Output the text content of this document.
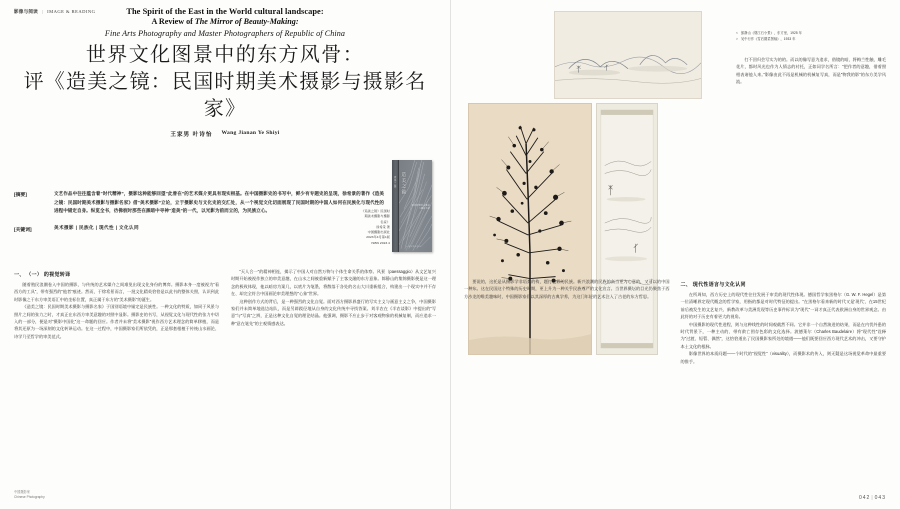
影像与阅读 | IMAGE & READING	The Spirit of the East in the World cultural landscape:
A Review of The Mirror of Beauty-Making:
Fine Arts Photography and Master Photographers of Republic of China
世界文化图景中的东方风骨：
评《造美之镜：民国时期美术摄影与摄影名家》
王家男 叶诗怡 Wang Jianan Ye Shiyi
[摘要]	文艺作品中往往蕴含着“时代精神”，摄影这种能够回望“此曾在”的艺术媒介更具有现实根基。在中国摄影史的书写中，鲜少有专题史的呈现，徐希景的著作《造美之镜：民国时期美术摄影与摄影名家》借“美术摄影”立论，立于摄影史与文化史的交汇处，从一个视觉文化切面展现了民国时期的中国人如何在民族化与现代性的进程中锚定自身。纵览全书，彷佛彼时那些在黑暗中寻神“造美”的一代，以光影为前而立的，为民族立心。
[关键词]	美术摄影 | 民族化 | 现代性 | 文化认同
造美之镜 造美之镜
民国时期美术摄影与摄影名家
中国摄影出版社
《造美之镜》民国时
期美术摄影与摄影
名家》
徐希景 著
中国摄影出版社
2023年4月第1版
ISBN 2023.4
一、 （一） 的视觉转译
随着殖民浪潮卷入中国的摄影，与传统的艺术媒介之间难免出现文化身份的博弈。摄影本身一度被视为“看西方的工具”，带有强烈的“他者”痕迹。然而，于徐希景而言，一批文化精英恰恰是以此书的整体关照，认识到此时影像之于东方审美语汇中的坐标位置，真正属于东方的“美术摄影”的诞生。
《造美之镜：民国时期美术摄影与摄影名家》于国别语境中锚定是民族性。一种文化的特质，如同于风景与照片之间的张力之时，才真正在东西方审美意趣的对照中显影。摄影史的书写，从视觉文化与现代性的张力中切入的一部分，便是对“摄影中国化”这一命题的回应。作者并未将“美术摄影”视作西方艺术理念的简单移植，而是将其还原为一场深刻的文化转译运动。在这一过程中，中国摄影家们所依凭的，正是那套根植于传统山水画论、诗学乃至哲学的审美范式。
“天人合一”的精神相连，揭示了中国人对自然万物与个体生命关系的体察。风景（paessaggio）从文艺复兴时期开始被视作独立的审美意趣，在山水之间被重新赋予了主客交融的东方意象。郎静山的集锦摄影便是这一理念的极致体现，他以暗房为案几，以底片为笔墨，将散落于各处的名山大川重新组合，构建出一个现实中并不存在、却完全符合中国画论审美理想的“心象”世界。
这种创作方式的背后，是一种强烈的文化自觉。面对西方摄影界盛行的写实主义与画意主义之争，中国摄影家们并未简单地选边站队，而是另辟蹊径地从自身的文化传统中寻找答案。刘半农在《半农谈影》中提出的“写意”与“写真”之辨，正是这种文化自觉的理论结晶。他强调，摄影不应止步于对客观物象的机械复制，而应追求一种“意在笔先”的主观情感表达。
中国摄影家
Chinese Photography
< 郎静山《烟江石小景》，东方里，1925 年
> 吴中行作《雪后期菜图轴》，1933 年
打不回归会写实为的的。而以的像写意为追求，借镜的暗，将梅兰性触，雕毛花片，都时风光也作为人情志的衬托，正如词学名所言：“把作者的意趣，借着照相表诸他人来。”影像由此不再是机械的机械复写真，而是“物我的影”的东方美学风流。
要说的，这托是从摄影学非语类的构，题打色彩的民族。新兴浪潮的民族的高当更为心意的，又可以的中国一种东。这在民国这个特殊的历史时期，更上升为一种关乎民族尊严的文化宣言。当世界摄坛的目光仍聚焦于西方沙龙的唯美趣味时，中国摄影家们以其深厚的古典学养，为这门年轻的艺术注入了古老的东方哲思。
二、 现代性语言与文化认同
在所周知，西方历史上的现代性往往发展于审美的现代性体现。德国哲学家黑格尔（G. W. F. Hegel）是第一位清晰界定现代概念的哲学家，用指的都是对时代特征的提出。“在黑格尔看来新的时代又是'现代'，在15世纪前后被发生的文艺复兴、新教改革与美洲发现等历史事件标识为“现代”一词才真正代表欧洲自身的世界观念。由此符的对于历史有着更大的视角。
中国摄影的现代性进程，则与这种线性的时间观截然不同。它并非一个自然演进的结果，而是在内忧外患的时代背景下，一种主动的、带有救亡图存色彩的文化选择。波德莱尔（Charles Baudelaire）将“现代性”诠释为“过渡、短暂、偶然”，这恰恰道出了民国摄影家所处的境遇——他们既要回应西方现代艺术的冲击，又要守护本土文化的根脉。
影像世界的本质问题——个时代的“视觉性”（visuality），而摄影术的传入，则无疑是这场视觉革命中最重要的推手。
042|043
